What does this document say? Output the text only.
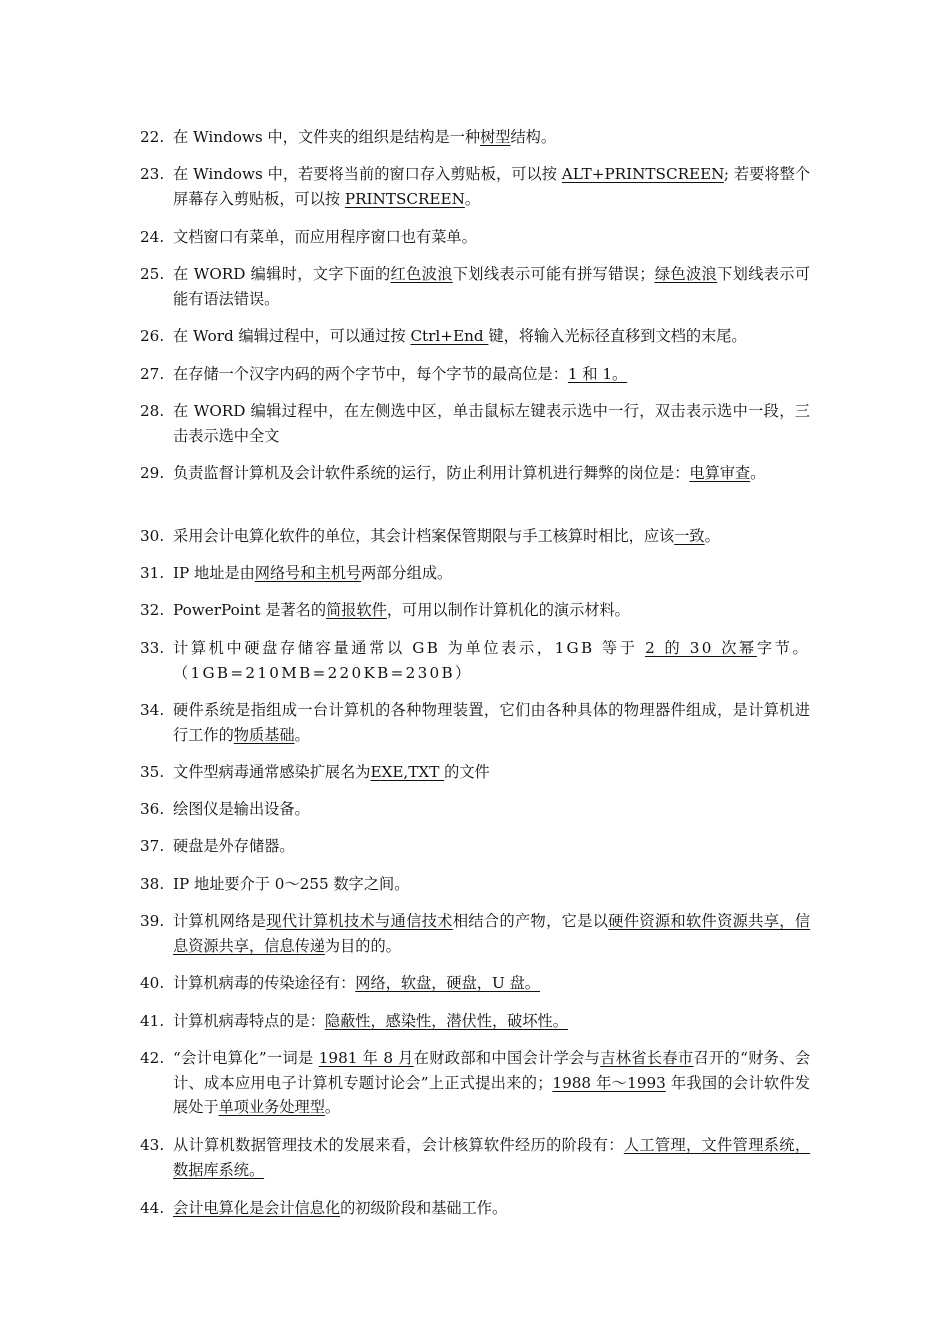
22. 在 Windows 中，文件夹的组织是结构是一种树型结构。
23. 在 Windows 中，若要将当前的窗口存入剪贴板，可以按 ALT+PRINTSCREEN; 若要将整个屏幕存入剪贴板，可以按 PRINTSCREEN。
24. 文档窗口有菜单，而应用程序窗口也有菜单。
25. 在 WORD 编辑时，文字下面的红色波浪下划线表示可能有拼写错误；绿色波浪下划线表示可能有语法错误。
26. 在 Word 编辑过程中，可以通过按 Ctrl+End 键，将输入光标径直移到文档的末尾。
27. 在存储一个汉字内码的两个字节中，每个字节的最高位是：1 和 1。
28. 在 WORD 编辑过程中，在左侧选中区，单击鼠标左键表示选中一行，双击表示选中一段，三击表示选中全文
29. 负责监督计算机及会计软件系统的运行，防止利用计算机进行舞弊的岗位是：电算审查。
30. 采用会计电算化软件的单位，其会计档案保管期限与手工核算时相比，应该一致。
31. IP 地址是由网络号和主机号两部分组成。
32. PowerPoint 是著名的简报软件，可用以制作计算机化的演示材料。
33. 计算机中硬盘存储容量通常以 GB 为单位表示，1GB 等于 2 的 30 次幂字节。（1GB=210MB=220KB=230B）
34. 硬件系统是指组成一台计算机的各种物理装置，它们由各种具体的物理器件组成，是计算机进行工作的物质基础。
35. 文件型病毒通常感染扩展名为EXE,TXT 的文件
36. 绘图仪是输出设备。
37. 硬盘是外存储器。
38. IP 地址要介于 0～255 数字之间。
39. 计算机网络是现代计算机技术与通信技术相结合的产物，它是以硬件资源和软件资源共享，信息资源共享，信息传递为目的的。
40. 计算机病毒的传染途径有：网络，软盘，硬盘，U 盘。
41. 计算机病毒特点的是：隐蔽性，感染性，潜伏性，破坏性。
42. “会计电算化”一词是 1981 年 8 月在财政部和中国会计学会与吉林省长春市召开的“财务、会计、成本应用电子计算机专题讨论会”上正式提出来的；1988 年～1993 年我国的会计软件发展处于单项业务处理型。
43. 从计算机数据管理技术的发展来看，会计核算软件经历的阶段有：人工管理，文件管理系统，数据库系统。
44. 会计电算化是会计信息化的初级阶段和基础工作。
